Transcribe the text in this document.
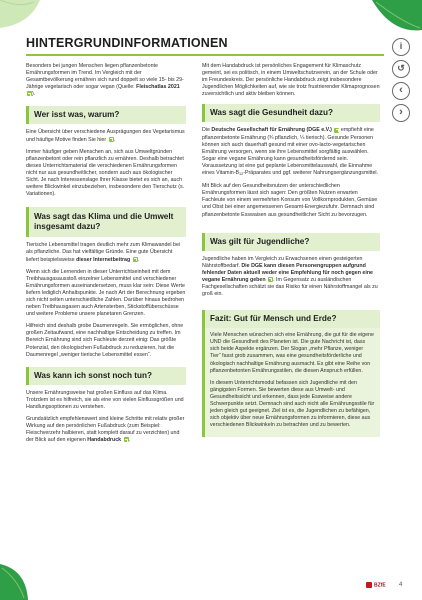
i
↺
‹
›
HINTERGRUNDINFORMATIONEN

Besonders bei jungen Menschen liegen pflanzenbetonte Ernährungsformen im Trend. Im Vergleich mit der Gesamtbevölkerung ernähren sich rund doppelt so viele 15- bis 29-Jährige vegetarisch oder sogar vegan (Quelle: Fleischatlas 2021 ).

Wer isst was, warum?

Eine Übersicht über verschiedene Ausprägungen des Vegetarismus und häufige Motive finden Sie hier .

Immer häufiger geben Menschen an, sich aus Umweltgründen pflanzenbetont oder rein pflanzlich zu ernähren. Deshalb betrachtet dieses Unterrichtsmaterial die verschiedenen Ernährungsformen nicht nur aus gesundheitlicher, sondern auch aus ökologischer Sicht. Je nach Interessenslage Ihrer Klasse bietet es sich an, auch weitere Blickwinkel einzubeziehen, insbesondere den Tierschutz (s. Variationen).

Was sagt das Klima und die Umwelt insgesamt dazu?

Tierische Lebensmittel tragen deutlich mehr zum Klimawandel bei als pflanzliche. Das hat vielfältige Gründe. Eine gute Übersicht liefert beispielsweise dieser Internetbeitrag .

Wenn sich die Lernenden in dieser Unterrichtseinheit mit dem Treibhausgasausstoß einzelner Lebensmittel und verschiedener Ernährungsformen auseinandersetzen, muss klar sein: Diese Werte liefern lediglich Anhaltspunkte. Je nach Art der Berechnung ergeben sich nicht selten unterschiedliche Zahlen. Darüber hinaus bedrohen neben Treibhausgasen auch Artensterben, Stickstoffüberschüsse und weitere Probleme unsere planetaren Grenzen.

Hilfreich sind deshalb grobe Daumenregeln. Sie ermöglichen, ohne großen Zeitaufwand, eine nachhaltige Entscheidung zu treffen. Im Bereich Ernährung sind sich Fachleute derzeit einig: Das größte Potenzial, den ökologischen Fußabdruck zu reduzieren, hat die Daumenregel „weniger tierische Lebensmittel essen“.

Was kann ich sonst noch tun?

Unsere Ernährungsweise hat großen Einfluss auf das Klima. Trotzdem ist es hilfreich, sie als eine von vielen Einflussgrößen und Handlungsoptionen zu verstehen.

Grundsätzlich empfehlenswert sind kleine Schritte mit relativ großer Wirkung auf den persönlichen Fußabdruck (zum Beispiel: Fleischverzehr halbieren, statt komplett darauf zu verzichten) und der Blick auf den eigenen Handabdruck .

Mit dem Handabdruck ist persönliches Engagement für Klimaschutz gemeint, sei es politisch, in einem Umweltschutzverein, an der Schule oder im Freundeskreis. Der persönliche Handabdruck zeigt insbesondere Jugendlichen Möglichkeiten auf, wie sie trotz frustrierender Klimaprognosen zuversichtlich und aktiv bleiben können.

Was sagt die Gesundheit dazu?

Die Deutsche Gesellschaft für Ernährung (DGE e.V.)  empfiehlt eine pflanzenbetonte Ernährung (¾ pflanzlich, ¼ tierisch). Gesunde Personen können sich auch dauerhaft gesund mit einer ovo-lacto-vegetarischen Ernährung versorgen, wenn sie ihre Lebensmittel sorgfältig auswählen. Sogar eine vegane Ernährung kann gesundheitsfördernd sein. Voraussetzung ist eine gut geplante Lebensmittelauswahl, die Einnahme eines Vitamin-$B_{12}$-Präparates und ggf. weiterer Nahrungsergänzungsmittel.

Mit Blick auf den Gesundheitsnutzen der unterschiedlichen Ernährungsformen lässt sich sagen: Den größten Nutzen erwarten Fachleute von einem vermehrten Konsum von Vollkornprodukten, Gemüse und Obst bei einer angemessenen Gesamt-Energiezufuhr. Demnach sind pflanzenbetonte Esswaisen aus gesundheitlicher Sicht zu bevorzugen.

Was gilt für Jugendliche?

Jugendliche haben im Vergleich zu Erwachsenen einen gesteigerten Nährstoffbedarf. Die DGE kann diesen Personengruppen aufgrund fehlender Daten aktuell weder eine Empfehlung für noch gegen eine vegane Ernährung geben . Im Gegensatz zu ausländischen Fachgesellschaften schätzt sie das Risiko für einen Nährstoffmangel als zu groß ein.

Fazit: Gut für Mensch und Erde?

Viele Menschen wünschen sich eine Ernährung, die gut für die eigene UND die Gesundheit des Planeten ist. Die gute Nachricht ist, dass sich beide Aspekte ergänzen. Der Slogan „mehr Pflanze, weniger Tier“ fasst grob zusammen, was eine gesundheitsförderliche und ökologisch nachhaltige Ernährung ausmacht. Es gibt eine Reihe von pflanzenbetonten Ernährungsstilen, die diesen Anspruch erfüllen.

In diesem Unterrichtsmodul befassen sich Jugendliche mit den gängigsten Formen. Sie bewerten diese aus Umwelt- und Gesundheitssicht und erkennen, dass jede Essweise andere Schwerpunkte setzt. Demnach sind auch nicht alle Ernährungsstile für jeden gleich gut geeignet. Ziel ist es, die Jugendlichen zu befähigen, sich objektiv über neue Ernährungsformen zu informieren, diese aus verschiedenen Blickwinkeln zu betrachten und zu bewerten.

BZfE 4
